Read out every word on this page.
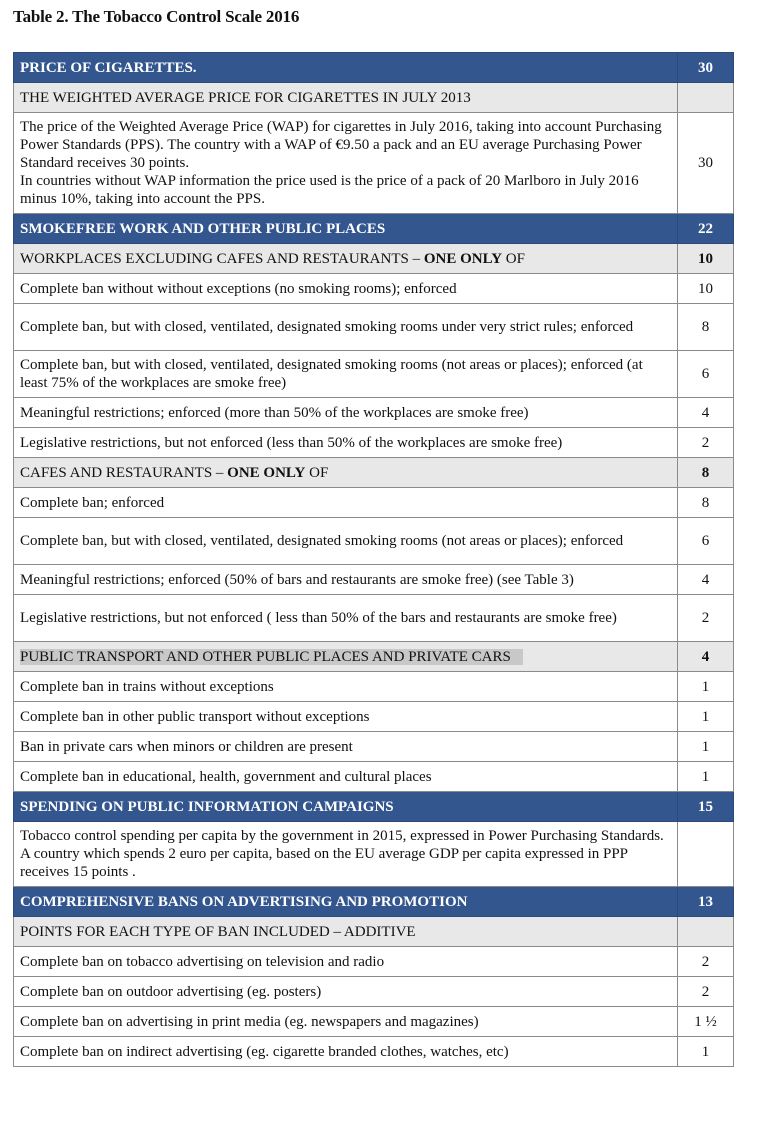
Table 2. The Tobacco Control Scale 2016
PRICE OF CIGARETTES.	30
THE WEIGHTED AVERAGE PRICE FOR CIGARETTES IN JULY 2013	

The price of the Weighted Average Price (WAP) for cigarettes in July 2016, taking into account Purchasing Power Standards (PPS). The country with a WAP of €9.50 a pack and an EU average Purchasing Power Standard receives 30 points.
In countries without WAP information the price used is the price of a pack of 20 Marlboro in July 2016 minus 10%, taking into account the PPS.	30
SMOKEFREE WORK AND OTHER PUBLIC PLACES	22
WORKPLACES EXCLUDING CAFES AND RESTAURANTS – ONE ONLY OF	10
Complete ban without without exceptions (no smoking rooms); enforced	10
Complete ban, but with closed, ventilated, designated smoking rooms under very strict rules; enforced	8
Complete ban, but with closed, ventilated, designated smoking rooms (not areas or places); enforced (at least 75% of the workplaces are smoke free)	6
Meaningful restrictions; enforced (more than 50% of the workplaces are smoke free)	4
Legislative restrictions, but not enforced (less than 50% of the workplaces are smoke free)	2
CAFES AND RESTAURANTS – ONE ONLY OF	8
Complete ban; enforced	8
Complete ban, but with closed, ventilated, designated smoking rooms (not areas or places); enforced	6
Meaningful restrictions; enforced (50% of bars and restaurants are smoke free) (see Table 3)	4
Legislative restrictions, but not enforced ( less than 50% of the bars and restaurants are smoke free)	2
PUBLIC TRANSPORT AND OTHER PUBLIC PLACES AND PRIVATE CARS	4
Complete ban in trains without exceptions	1
Complete ban in other public transport without exceptions	1
Ban in private cars when minors or children are present	1
Complete ban in educational, health, government and cultural places	1
SPENDING ON PUBLIC INFORMATION CAMPAIGNS	15

Tobacco control spending per capita by the government in 2015, expressed in Power Purchasing Standards. A country which spends 2 euro per capita, based on the EU average GDP per capita expressed in PPP receives 15 points .	

COMPREHENSIVE BANS ON ADVERTISING AND PROMOTION	13
POINTS FOR EACH TYPE OF BAN INCLUDED – ADDITIVE	
Complete ban on tobacco advertising on television and radio	2
Complete ban on outdoor advertising (eg. posters)	2
Complete ban on advertising in print media (eg. newspapers and magazines)	1 ½
Complete ban on indirect advertising (eg. cigarette branded clothes, watches, etc)	1
